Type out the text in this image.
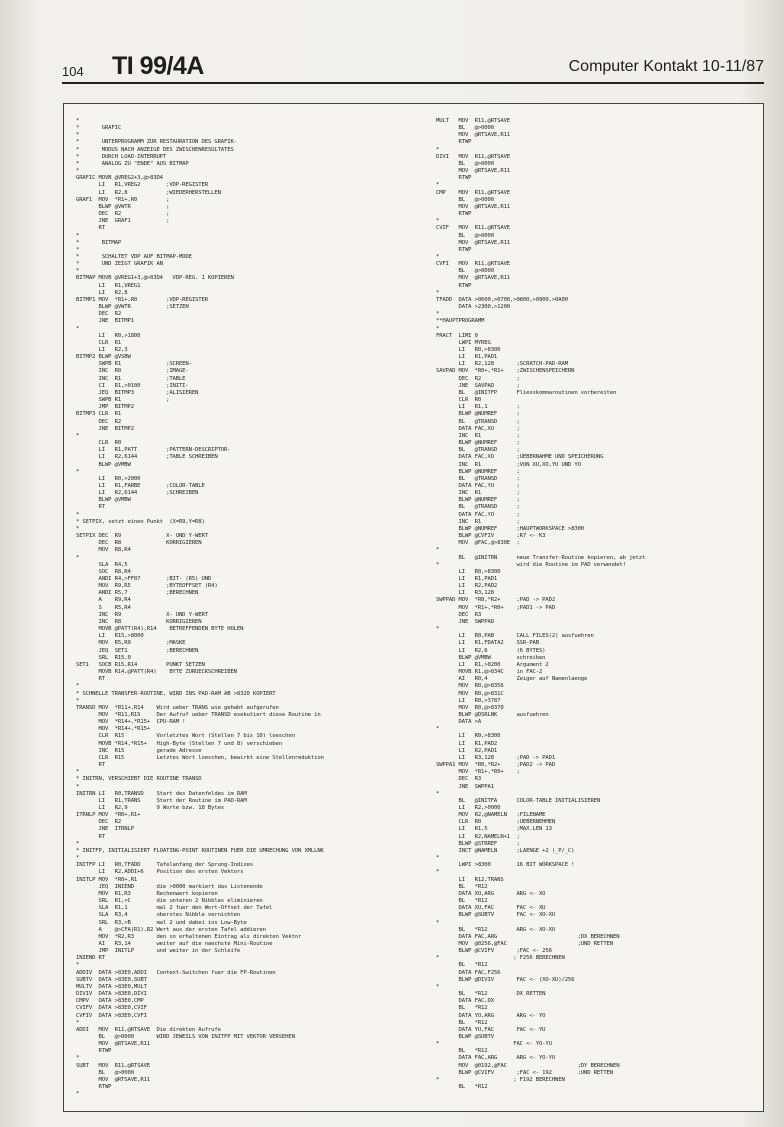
104 TI 99/4A	Computer Kontakt 10-11/87
*
*       GRAFIC
*
*       UNTERPROGRAMM ZUR RESTAURATION DES GRAFIK-
*       MODUS NACH ANZEIGE DES ZWISCHENRESULTATES
*       DURCH LOAD-INTERRUPT
*       ANALOG ZU "ENDE" AUS BITMAP
*
GRAFIC MOVB @VREG2+3,@>83D4
LI   R1,VREG2        ;VDP-REGISTER
LI   R2,8            ;WIEDERHERSTELLEN
GRAF1  MOV  *R1+,R0         ;
BLWP @VWTR           ;
DEC  R2              ;
JNE  GRAF1           ;
RT
*
*       BITMAP
*
*       SCHALTET VDP AUF BITMAP-MODE
*       UND ZEIGT GRAFIK AN
*
BITMAP MOVB @VREG1+3,@>83D4   VDP-REG. 1 KOPIEREN
LI   R1,VREG1
LI   R2,8
BITMP1 MOV  *R1+,R0         ;VDP-REGISTER
BLWP @VWTR           ;SETZEN
DEC  R2
JNE  BITMP1
*
LI   R0,>1800
CLR  R1
LI   R2,3
BITMP2 BLWP @VSBW
SWPB R1              ;SCREEN-
INC  R0              ;IMAGE-
INC  R1              ;TABLE
CI   R1,>0100        ;INITI-
JEQ  BITMP3          ;ALISIEREN
SWPB R1              ;
JMP  BITMP2
BITMP3 CLR  R1
DEC  R2
JNE  BITMP2
*
CLR  R0
LI   R1,PATT         ;PATTERN-DESCRIPTOR-
LI   R2,6144         ;TABLE SCHREIBEN
BLWP @VMBW
*
LI   R0,>2000
LI   R1,FARBE        ;COLOR-TABLE
LI   R2,6144         ;SCHREIBEN
BLWP @VMBW
RT
*
* SETPIX, setzt einen Punkt  (X=R9,Y=R8)
*
SETPIX DEC  R9              X- UND Y-WERT
DEC  R8              KORRIGIEREN
MOV  R8,R4
*
SLA  R4,5
SOC  R8,R4
ANDI R4,>FF07        ;BIT- (R5) UND
MOV  R9,R5           ;BYTEOFFSET (R4)
ANDI R5,7            ;BERECHNEN
A    R9,R4
S    R5,R4
INC  R9              X- UND Y-WERT
INC  R8              KORRIGIEREN
MOVB @PATT(R4),R14    BETREFFENDEN BYTE HOLEN
LI   R15,>8000
MOV  R5,R0           ;MASKE
JEQ  SET1            ;BERECHNEN
SRL  R15,0
SET1   SOCB R15,R14         PUNKT SETZEN
MOVB R14,@PATT(R4)    BYTE ZURUECKSCHREIBEN
RT
*
* SCHNELLE TRANSFER-ROUTINE, WIRD INS PAD-RAM AB >8320 KOPIERT
*
TRANSD MOV  *R11+,R14    Wird ueber TRANS wie gehabt aufgerufen
MOV  *R11,R15     Der Aufruf ueber TRANSD exekutiert diese Routine in
MOV  *R14+,*R15+  CPU-RAM !
MOV  *R14+,*R15+
CLR  R15          Vorletztes Wort (Stellen 7 bis 10) loeschen
MOVB *R14,*R15+   High-Byte (Stellen 7 und 8) verschieben
INC  R15          gerade Adresse
CLR  R15          Letztes Wort loeschen, bewirkt eine Stellenreduktion
RT
*
* INITRN, VERSCHIEBT DIE ROUTINE TRANSD
*
INITRN LI   R0,TRANSD    Start des Datenfeldes im RAM
LI   R1,TRANS     Start der Routine im PAD-RAM
LI   R2,9         9 Worte bzw. 18 Bytes
ITRNLP MOV  *R0+,R1+
DEC  R2
JNE  ITRNLP
RT
*
* INITFP, INITIALISIERT FLOATING-POINT ROUTINEN FUER DIE UMRECHUNG VON XMLLNK
*
INITFP LI   R0,TFADD     Tafelanfang der Sprung-Indizes
LI   R2,ADDI+6    Position des ersten Vektors
INITLP MOV  *R0+,R1
JEQ  INIEND       die >0000 markiert das Listenende
MOV  R1,R3        Rechenwert kopieren
SRL  R1,>C        die unteren 2 Nibbles eliminieren
SLA  R1,1         mal 2 fuer den Wort-Offset der Tafel
SLA  R3,4         oberstes Nibble vernichten
SRL  R3,>B        mal 2 und dabei ins Low-Byte
A    @>CFA(R1),R2 Wert aus der ersten Tafel addieren
MOV  *R2,R3       den so erhaltenen Eintrag als direkten Vektor
AI   R3,14        weiter auf die naechste Mini-Routine
JMP  INITLP       und weiter in der Schleife
INIEND RT
*
ADDIV  DATA >83E0,ADDI   Context-Switchen fuer die FP-Routinen
SUBTV  DATA >83E0,SUBT
MULTV  DATA >83E0,MULT
DIVIV  DATA >83E0,DIVI
CMPV   DATA >83E0,CMP
CVIFV  DATA >83E0,CVIF
CVFIV  DATA >83E0,CVFI
*
ADDI   MOV  R11,@RTSAVE  Die direkten Aufrufe
BL   @>0000       WIRD JEWEILS VON INITFP MIT VEKTOR VERSEHEN
MOV  @RTSAVE,R11
RTWP
*
SUBT   MOV  R11,@RTSAVE
BL   @>0000
MOV  @RTSAVE,R11
RTWP
*

MULT   MOV  R11,@RTSAVE
BL   @>0000
MOV  @RTSAVE,R11
RTWP
*
DIVI   MOV  R11,@RTSAVE
BL   @>0000
MOV  @RTSAVE,R11
RTWP
*
CMP    MOV  R11,@RTSAVE
BL   @>0000
MOV  @RTSAVE,R11
RTWP
*
CVIF   MOV  R11,@RTSAVE
BL   @>0000
MOV  @RTSAVE,R11
RTWP
*
CVFI   MOV  R11,@RTSAVE
BL   @>0000
MOV  @RTSAVE,R11
RTWP
*
TFADD  DATA >0600,>0700,>0800,>0900,>0A00
DATA >2300,>1200
*
**HAUPTPROGRAMM
*
FRACT  LIMI 0
LWPI MYREG
LI   R0,>8300
LI   R1,PAD1
LI   R2,128       ;SCRATCH-PAD-RAM
SAVPAD MOV  *R0+,*R1+    ;ZWISCHENSPEICHERN
DEC  R2           ;
JNE  SAVPAD       ;
BL   @INITFP      Fliesskommaroutinen vorbereiten
CLR  R0
LI   R1,1         ;
BLWP @NUMREF      ;
BL   @TRANSD      ;
DATA FAC,XU       ;
INC  R1           ;
BLWP @NUMREF      ;
BL   @TRANSD      ;
DATA FAC,XO       ;UEBERNAHME UND SPEICHERUNG
INC  R1           ;VON XU,XO,YU UND YO
BLWP @NUMREF      ;
BL   @TRANSD      ;
DATA FAC,YU       ;
INC  R1           ;
BLWP @NUMREF      ;
BL   @TRANSD      ;
DATA FAC,YO       ;
INC  R1           ;
BLWP @NUMREF      ;HAUPTWORKSPACE >8300
BLWP @CVFIV       ;R7 <- K3
MOV  @FAC,@>830E  ;
*
BL   @INITRN      neue Transfer-Routine kopieren, ab jetzt
*                        wird die Routine im PAD verwendet!
LI   R0,>8300
LI   R1,PAD1
LI   R2,PAD2
LI   R3,128
SWPPAD MOV  *R0,*R2+     ;PAD -> PAD2
MOV  *R1+,*R0+    ;PAD1 -> PAD
DEC  R3
JNE  SWPPAD
*
LI   R0,PAB       CALL FILES(2) ausfuehren
LI   R1,FDATA2    SSR-PAB
LI   R2,6         (6 BYTES)
BLWP @VMBW        schreiben
LI   R1,>0200     Argument 2
MOVB R1,@>834C    in FAC-2
AI   R0,4         Zeiger auf Namenlaenge
MOV  R0,@>8356
MOV  R0,@>831C
LI   R0,>3787
MOV  R0,@>8370
BLWP @DSRLNK      ausfuehren
DATA >A
*
LI   R0,>8300
LI   R1,PAD2
LI   R2,PAD1
LI   R3,128       ;PAD -> PAD1
SWPPA1 MOV  *R0,*R2+     ;PAD2 -> PAD
MOV  *R1+,*R0+    ;
DEC  R3
JNE  SWPPA1
*
BL   @INITFA      COLOR-TABLE INITIALISIEREN
LI   R2,>0000
MOV  R2,@NAMELN   ;FILENAME
CLR  R0           ;UEBERNEHMEN
LI   R1,5         ;MAX.LEN 13
LI   R2,NAMELN+1  ;
BLWP @STRREF      ;
INCT @NAMELN      ;LAENGE +2 (_P/_C)
*
LWPI >8300        16 BIT WORKSPACE !
*
LI   R12,TRANS
BL   *R12
DATA XO,ARG       ARG <- XO
BL   *R12
DATA XU,FAC       FAC <- XU
BLWP @SUBTV       FAC <- XO-XU
*
BL   *R12         ARG <- XO-XU
DATA FAC,ARG                         ;DX BERECHNEN
MOV  @0256,@FAC                      ;UND RETTEN
BLWP @CVIFV       ;FAC <- 256
*                       ; F256 BERECHNEN
BL   *R12
DATA FAC,F256
BLWP @DIVIV       FAC <- (XO-XU)/256
*
BL   *R12         DX RETTEN
DATA FAC,DX
BL   *R12
DATA YO,ARG       ARG <- YO
BL   *R12
DATA YU,FAC       FAC <- YU
BLWP @SUBTV
*                       FAC <- YO-YU
BL   *R12
DATA FAC,ARG      ARG <- YO-YU
MOV  @0192,@FAC                      ;DY BERECHNEN
BLWP @CVIFV       ;FAC <- 192        ;UND RETTEN
*                       ; F192 BERECHNEN
BL   *R12
